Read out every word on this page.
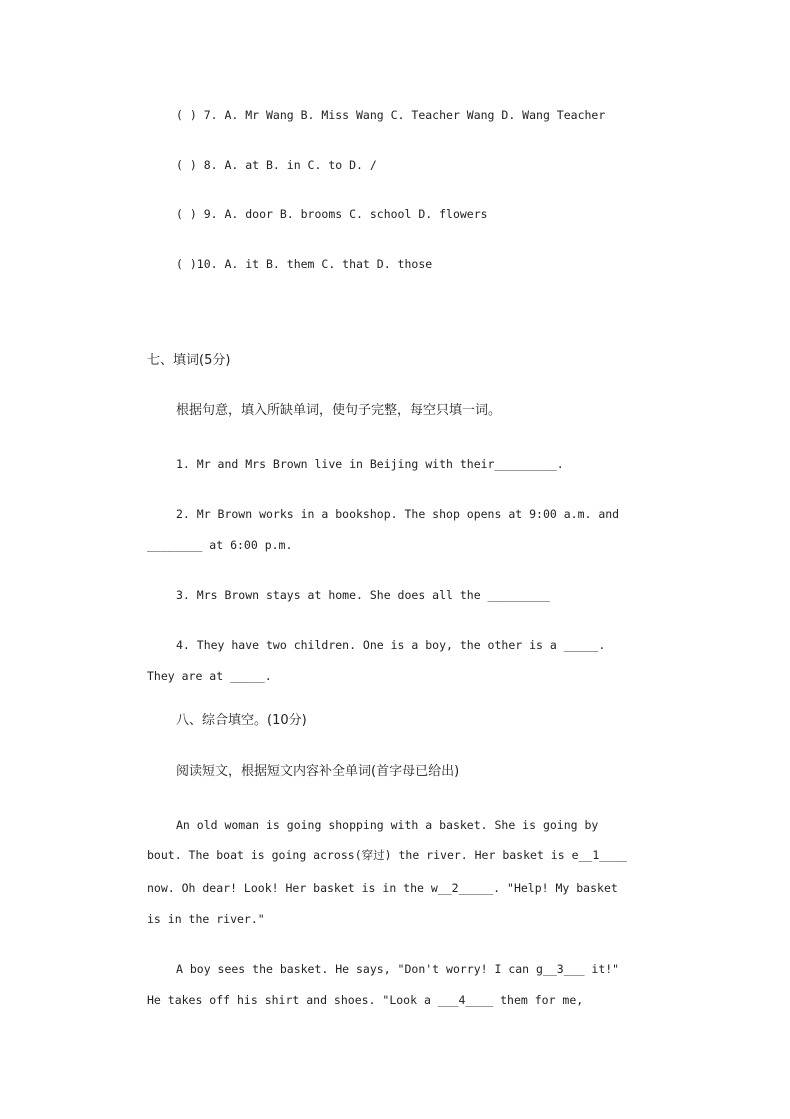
( ) 7. A. Mr Wang B. Miss Wang C. Teacher Wang D. Wang Teacher
( ) 8. A. at B. in C. to D. /
( ) 9. A. door B. brooms C. school D. flowers
( )10. A. it B. them C. that D. those
七、填词(5分)
根据句意，填入所缺单词，使句子完整，每空只填一词。
1. Mr and Mrs Brown live in Beijing with their_________.
2. Mr Brown works in a bookshop. The shop opens at 9:00 a.m. and
________ at 6:00 p.m.
3. Mrs Brown stays at home. She does all the _________
4. They have two children. One is a boy, the other is a _____.
They are at _____.
八、综合填空。(10分)
阅读短文，根据短文内容补全单词(首字母已给出)
An old woman is going shopping with a basket. She is going by
bout. The boat is going across(穿过) the river. Her basket is e__1____
now. Oh dear! Look! Her basket is in the w__2_____. "Help! My basket
is in the river."
A boy sees the basket. He says, "Don't worry! I can g__3___ it!"
He takes off his shirt and shoes. "Look a ___4____ them for me,
